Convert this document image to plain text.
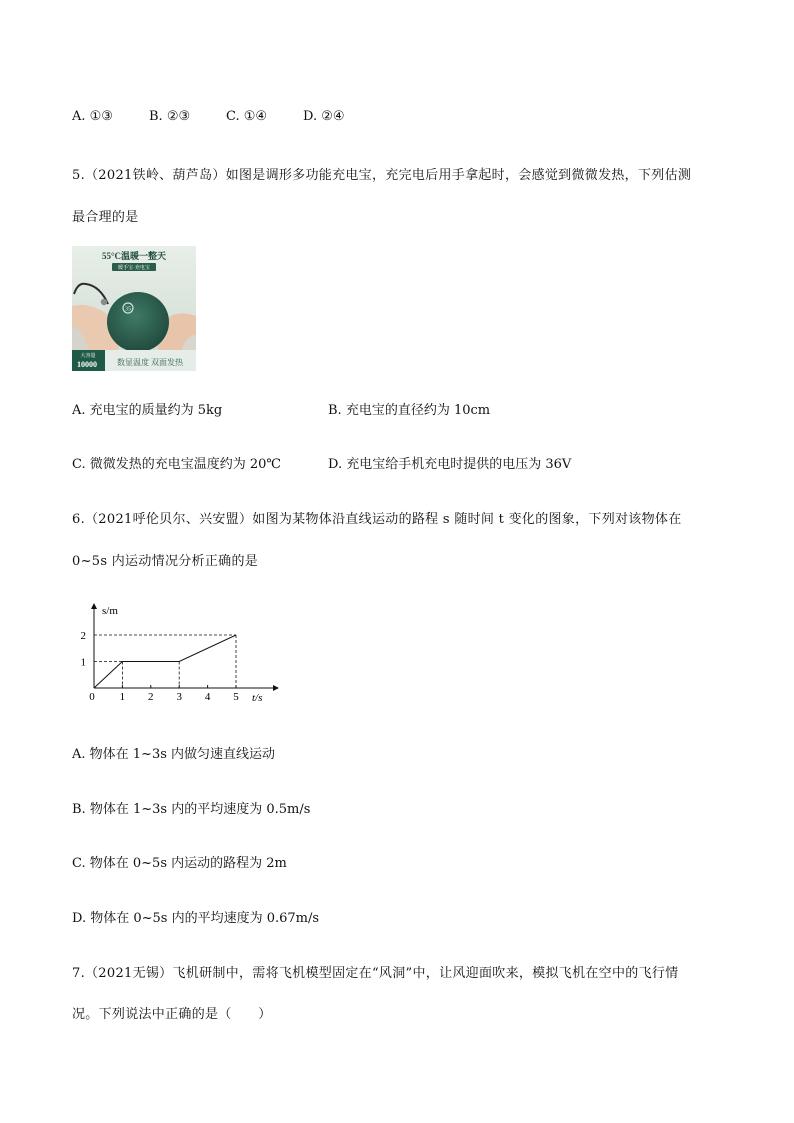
A. ①③	B. ②③	C. ①④	D. ②④
5.（2021铁岭、葫芦岛）如图是调形多功能充电宝，充完电后用手拿起时，会感觉到微微发热，下列估测
最合理的是
35
55°C温暖一整天
暖手宝·充电宝
大容量
10000	数显温度 双面发热
A. 充电宝的质量约为 5kg	B. 充电宝的直径约为 10cm
C. 微微发热的充电宝温度约为 20℃	D. 充电宝给手机充电时提供的电压为 36V
6.（2021呼伦贝尔、兴安盟）如图为某物体沿直线运动的路程 s 随时间 t 变化的图象，下列对该物体在
0~5s 内运动情况分析正确的是
s/m
t/s
0 1 2 3 4 5
1
2
A. 物体在 1~3s 内做匀速直线运动
B. 物体在 1~3s 内的平均速度为 0.5m/s
C. 物体在 0~5s 内运动的路程为 2m
D. 物体在 0~5s 内的平均速度为 0.67m/s
7.（2021无锡）飞机研制中，需将飞机模型固定在“风洞”中，让风迎面吹来，模拟飞机在空中的飞行情
况。下列说法中正确的是（　　）
